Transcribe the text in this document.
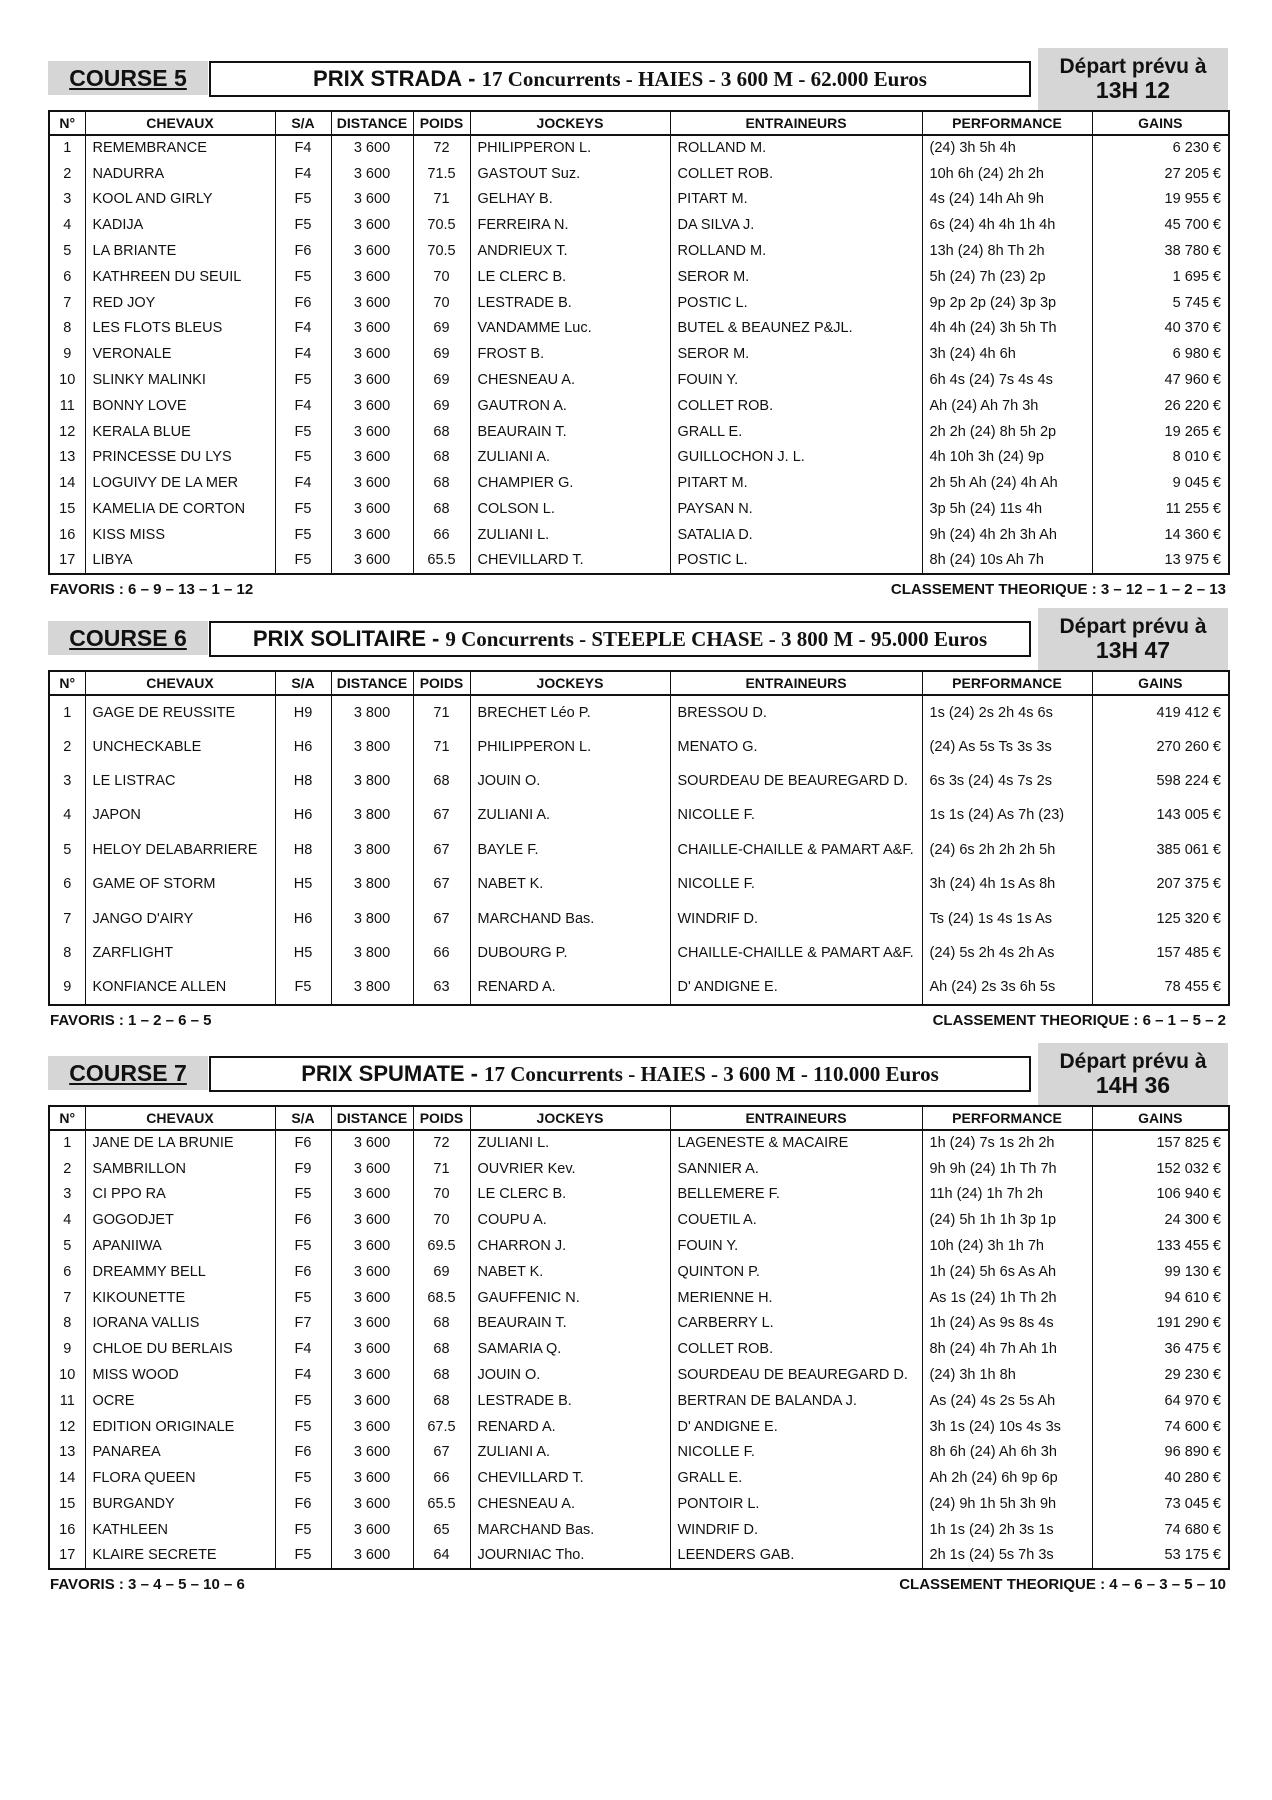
COURSE 5	PRIX STRADA - 17 Concurrents - HAIES - 3 600 M - 62.000 Euros
Départ prévu à
13H 12
N°	CHEVAUX	S/A	DISTANCE	POIDS	JOCKEYS	ENTRAINEURS	PERFORMANCE	GAINS
1	REMEMBRANCE	F4	3 600	72	PHILIPPERON L.	ROLLAND M.	(24) 3h 5h 4h	6 230 €
2	NADURRA	F4	3 600	71.5	GASTOUT Suz.	COLLET ROB.	10h 6h (24) 2h 2h	27 205 €
3	KOOL AND GIRLY	F5	3 600	71	GELHAY B.	PITART M.	4s (24) 14h Ah 9h	19 955 €
4	KADIJA	F5	3 600	70.5	FERREIRA N.	DA SILVA J.	6s (24) 4h 4h 1h 4h	45 700 €
5	LA BRIANTE	F6	3 600	70.5	ANDRIEUX T.	ROLLAND M.	13h (24) 8h Th 2h	38 780 €
6	KATHREEN DU SEUIL	F5	3 600	70	LE CLERC B.	SEROR M.	5h (24) 7h (23) 2p	1 695 €
7	RED JOY	F6	3 600	70	LESTRADE B.	POSTIC L.	9p 2p 2p (24) 3p 3p	5 745 €
8	LES FLOTS BLEUS	F4	3 600	69	VANDAMME Luc.	BUTEL & BEAUNEZ P&JL.	4h 4h (24) 3h 5h Th	40 370 €
9	VERONALE	F4	3 600	69	FROST B.	SEROR M.	3h (24) 4h 6h	6 980 €
10	SLINKY MALINKI	F5	3 600	69	CHESNEAU A.	FOUIN Y.	6h 4s (24) 7s 4s 4s	47 960 €
11	BONNY LOVE	F4	3 600	69	GAUTRON A.	COLLET ROB.	Ah (24) Ah 7h 3h	26 220 €
12	KERALA BLUE	F5	3 600	68	BEAURAIN T.	GRALL E.	2h 2h (24) 8h 5h 2p	19 265 €
13	PRINCESSE DU LYS	F5	3 600	68	ZULIANI A.	GUILLOCHON J. L.	4h 10h 3h (24) 9p	8 010 €
14	LOGUIVY DE LA MER	F4	3 600	68	CHAMPIER G.	PITART M.	2h 5h Ah (24) 4h Ah	9 045 €
15	KAMELIA DE CORTON	F5	3 600	68	COLSON L.	PAYSAN N.	3p 5h (24) 11s 4h	11 255 €
16	KISS MISS	F5	3 600	66	ZULIANI L.	SATALIA D.	9h (24) 4h 2h 3h Ah	14 360 €
17	LIBYA	F5	3 600	65.5	CHEVILLARD T.	POSTIC L.	8h (24) 10s Ah 7h	13 975 €
FAVORIS : 6 – 9 – 13 – 1 – 12	CLASSEMENT THEORIQUE : 3 – 12 – 1 – 2 – 13
COURSE 6	PRIX SOLITAIRE - 9 Concurrents - STEEPLE CHASE - 3 800 M - 95.000 Euros
Départ prévu à
13H 47
N°	CHEVAUX	S/A	DISTANCE	POIDS	JOCKEYS	ENTRAINEURS	PERFORMANCE	GAINS
1	GAGE DE REUSSITE	H9	3 800	71	BRECHET Léo P.	BRESSOU D.	1s (24) 2s 2h 4s 6s	419 412 €
2	UNCHECKABLE	H6	3 800	71	PHILIPPERON L.	MENATO G.	(24) As 5s Ts 3s 3s	270 260 €
3	LE LISTRAC	H8	3 800	68	JOUIN O.	SOURDEAU DE BEAUREGARD D.	6s 3s (24) 4s 7s 2s	598 224 €
4	JAPON	H6	3 800	67	ZULIANI A.	NICOLLE F.	1s 1s (24) As 7h (23)	143 005 €
5	HELOY DELABARRIERE	H8	3 800	67	BAYLE F.	CHAILLE-CHAILLE & PAMART A&F.	(24) 6s 2h 2h 2h 5h	385 061 €
6	GAME OF STORM	H5	3 800	67	NABET K.	NICOLLE F.	3h (24) 4h 1s As 8h	207 375 €
7	JANGO D'AIRY	H6	3 800	67	MARCHAND Bas.	WINDRIF D.	Ts (24) 1s 4s 1s As	125 320 €
8	ZARFLIGHT	H5	3 800	66	DUBOURG P.	CHAILLE-CHAILLE & PAMART A&F.	(24) 5s 2h 4s 2h As	157 485 €
9	KONFIANCE ALLEN	F5	3 800	63	RENARD A.	D' ANDIGNE E.	Ah (24) 2s 3s 6h 5s	78 455 €
FAVORIS : 1 – 2 – 6 – 5	CLASSEMENT THEORIQUE : 6 – 1 – 5 – 2
COURSE 7	PRIX SPUMATE - 17 Concurrents - HAIES - 3 600 M - 110.000 Euros
Départ prévu à
14H 36
N°	CHEVAUX	S/A	DISTANCE	POIDS	JOCKEYS	ENTRAINEURS	PERFORMANCE	GAINS
1	JANE DE LA BRUNIE	F6	3 600	72	ZULIANI L.	LAGENESTE & MACAIRE	1h (24) 7s 1s 2h 2h	157 825 €
2	SAMBRILLON	F9	3 600	71	OUVRIER Kev.	SANNIER A.	9h 9h (24) 1h Th 7h	152 032 €
3	CI PPO RA	F5	3 600	70	LE CLERC B.	BELLEMERE F.	11h (24) 1h 7h 2h	106 940 €
4	GOGODJET	F6	3 600	70	COUPU A.	COUETIL A.	(24) 5h 1h 1h 3p 1p	24 300 €
5	APANIIWA	F5	3 600	69.5	CHARRON J.	FOUIN Y.	10h (24) 3h 1h 7h	133 455 €
6	DREAMMY BELL	F6	3 600	69	NABET K.	QUINTON P.	1h (24) 5h 6s As Ah	99 130 €
7	KIKOUNETTE	F5	3 600	68.5	GAUFFENIC N.	MERIENNE H.	As 1s (24) 1h Th 2h	94 610 €
8	IORANA VALLIS	F7	3 600	68	BEAURAIN T.	CARBERRY L.	1h (24) As 9s 8s 4s	191 290 €
9	CHLOE DU BERLAIS	F4	3 600	68	SAMARIA Q.	COLLET ROB.	8h (24) 4h 7h Ah 1h	36 475 €
10	MISS WOOD	F4	3 600	68	JOUIN O.	SOURDEAU DE BEAUREGARD D.	(24) 3h 1h 8h	29 230 €
11	OCRE	F5	3 600	68	LESTRADE B.	BERTRAN DE BALANDA J.	As (24) 4s 2s 5s Ah	64 970 €
12	EDITION ORIGINALE	F5	3 600	67.5	RENARD A.	D' ANDIGNE E.	3h 1s (24) 10s 4s 3s	74 600 €
13	PANAREA	F6	3 600	67	ZULIANI A.	NICOLLE F.	8h 6h (24) Ah 6h 3h	96 890 €
14	FLORA QUEEN	F5	3 600	66	CHEVILLARD T.	GRALL E.	Ah 2h (24) 6h 9p 6p	40 280 €
15	BURGANDY	F6	3 600	65.5	CHESNEAU A.	PONTOIR L.	(24) 9h 1h 5h 3h 9h	73 045 €
16	KATHLEEN	F5	3 600	65	MARCHAND Bas.	WINDRIF D.	1h 1s (24) 2h 3s 1s	74 680 €
17	KLAIRE SECRETE	F5	3 600	64	JOURNIAC Tho.	LEENDERS GAB.	2h 1s (24) 5s 7h 3s	53 175 €
FAVORIS : 3 – 4 – 5 – 10 – 6	CLASSEMENT THEORIQUE : 4 – 6 – 3 – 5 – 10
